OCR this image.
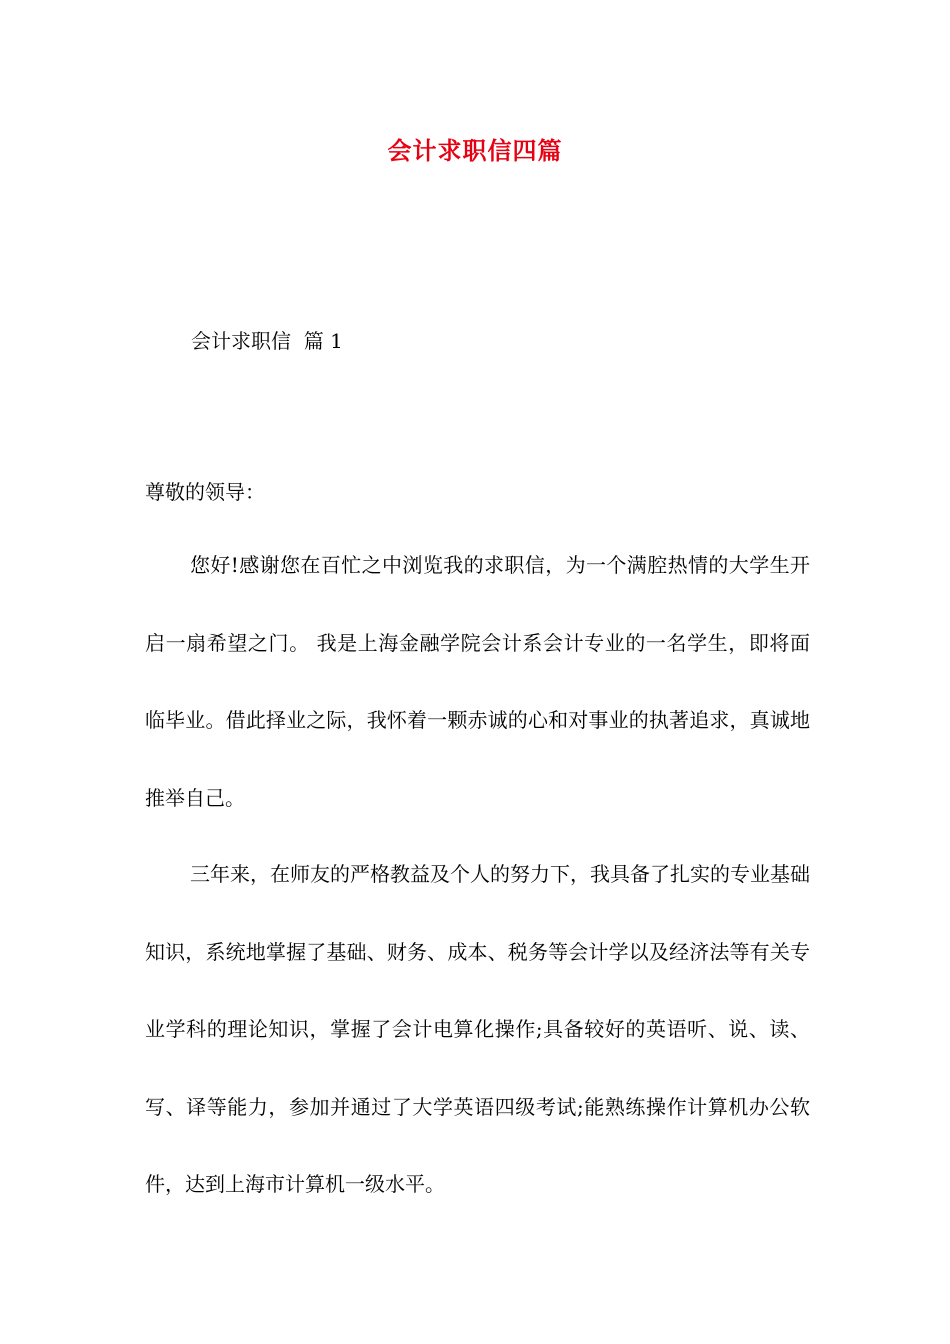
会计求职信四篇
会计求职信  篇 1
尊敬的领导：

您好!感谢您在百忙之中浏览我的求职信，为一个满腔热情的大学生开启一扇希望之门。 我是上海金融学院会计系会计专业的一名学生，即将面临毕业。借此择业之际，我怀着一颗赤诚的心和对事业的执著追求，真诚地推举自己。

三年来，在师友的严格教益及个人的努力下，我具备了扎实的专业基础知识，系统地掌握了基础、财务、成本、税务等会计学以及经济法等有关专业学科的理论知识，掌握了会计电算化操作;具备较好的英语听、说、读、写、译等能力，参加并通过了大学英语四级考试;能熟练操作计算机办公软件，达到上海市计算机一级水平。
